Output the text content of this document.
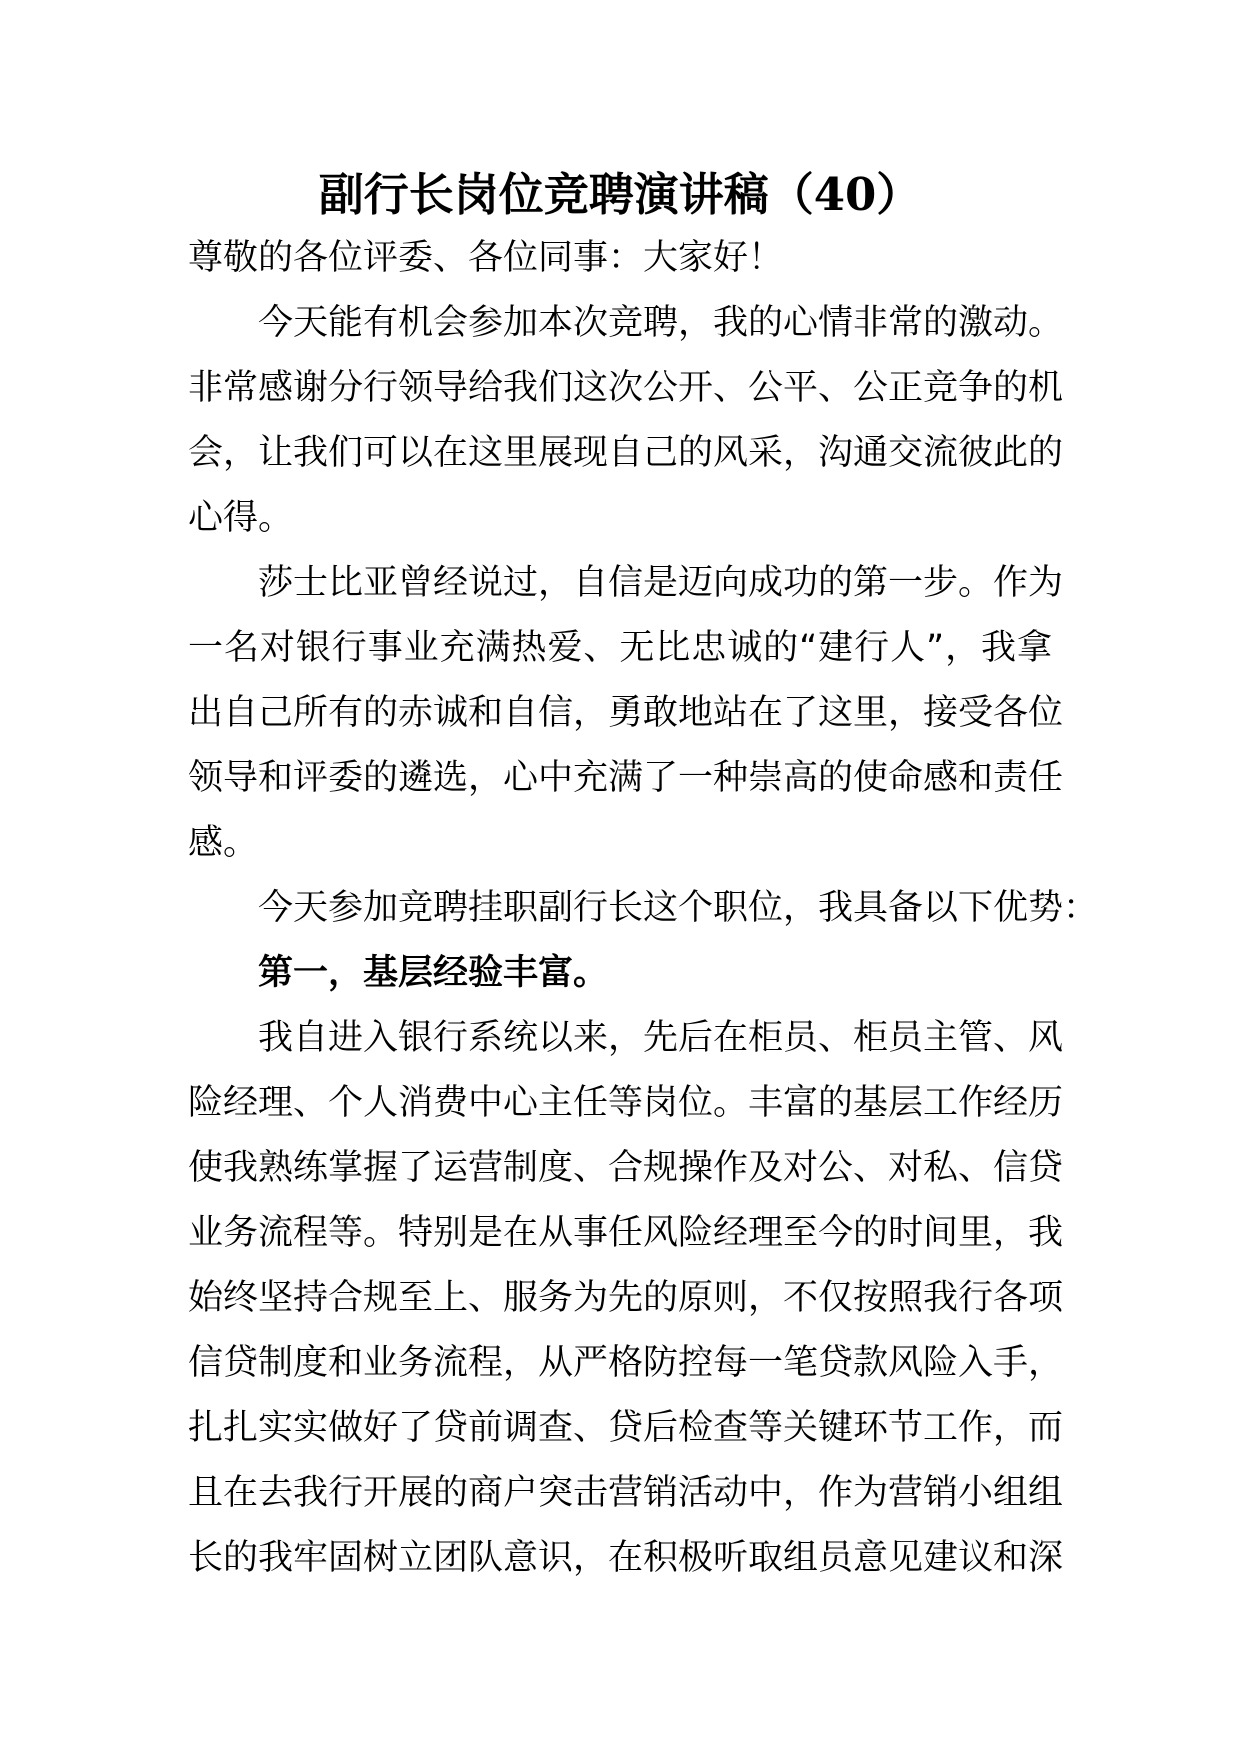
副行长岗位竞聘演讲稿（40）

尊敬的各位评委、各位同事：大家好！

今天能有机会参加本次竞聘，我的心情非常的激动。
非常感谢分行领导给我们这次公开、公平、公正竞争的机
会，让我们可以在这里展现自己的风采，沟通交流彼此的
心得。

莎士比亚曾经说过，自信是迈向成功的第一步。作为
一名对银行事业充满热爱、无比忠诚的“建行人”，我拿
出自己所有的赤诚和自信，勇敢地站在了这里，接受各位
领导和评委的遴选，心中充满了一种崇高的使命感和责任
感。

今天参加竞聘挂职副行长这个职位，我具备以下优势：

第一，基层经验丰富。

我自进入银行系统以来，先后在柜员、柜员主管、风
险经理、个人消费中心主任等岗位。丰富的基层工作经历
使我熟练掌握了运营制度、合规操作及对公、对私、信贷
业务流程等。特别是在从事任风险经理至今的时间里，我
始终坚持合规至上、服务为先的原则，不仅按照我行各项
信贷制度和业务流程，从严格防控每一笔贷款风险入手，
扎扎实实做好了贷前调查、贷后检查等关键环节工作，而
且在去我行开展的商户突击营销活动中，作为营销小组组
长的我牢固树立团队意识，在积极听取组员意见建议和深
